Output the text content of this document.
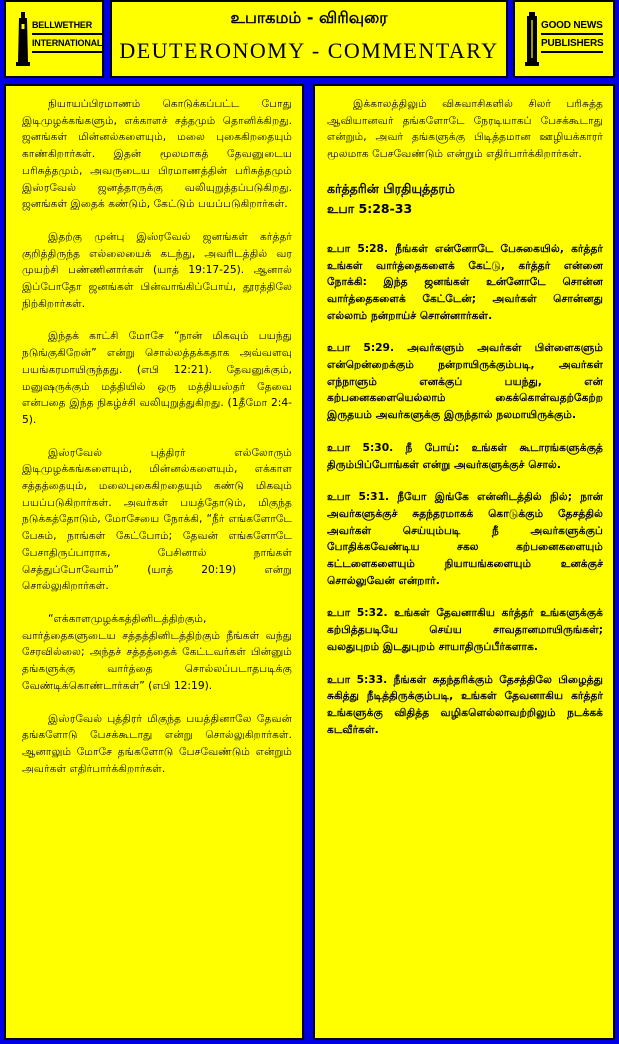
BELLWETHER
INTERNATIONAL
உபாகமம் - விரிவுரை
DEUTERONOMY - COMMENTARY
GOOD NEWS
PUBLISHERS

நியாயப்பிரமாணம் கொடுக்கப்பட்ட போது இடிமுழக்கங்களும், எக்காளச் சத்தமும் தொனிக்கிறது. ஜனங்கள் மின்னல்களையும், மலை புகைகிறதையும் காண்கிறார்கள். இதன் மூலமாகத் தேவனுடைய பரிசுத்தமும், அவருடைய பிரமாணத்தின் பரிசுத்தமும் இஸ்ரவேல் ஜனத்தாருக்கு வலியுறுத்தப்படுகிறது. ஜனங்கள் இதைக் கண்டும், கேட்டும் பயப்படுகிறார்கள்.

இதற்கு முன்பு இஸ்ரவேல் ஜனங்கள் கர்த்தர் குறித்திருந்த எல்லையைக் கடந்து, அவரிடத்தில் வர முயற்சி பண்ணினார்கள் (யாத் 19:17-25). ஆனால் இப்போதோ ஜனங்கள் பின்வாங்கிப்போய், தூரத்திலே நிற்கிறார்கள்.

இந்தக் காட்சி மோசே “நான் மிகவும் பயந்து நடுங்குகிறேன்” என்று சொல்லத்தக்கதாக அவ்வளவு பயங்கரமாயிருந்தது. (எபி 12:21). தேவனுக்கும், மனுஷருக்கும் மத்தியில் ஒரு மத்தியஸ்தர் தேவை என்பதை இந்த நிகழ்ச்சி வலியுறுத்துகிறது. (1தீமோ 2:4-5).

இஸ்ரவேல் புத்திரர் எல்லோரும் இடிமுழக்கங்களையும், மின்னல்களையும், எக்காள சத்தத்தையும், மலைபுகைகிறதையும் கண்டு மிகவும் பயப்படுகிறார்கள். அவர்கள் பயத்தோடும், மிகுந்த நடுக்கத்தோடும், மோசேயை நோக்கி, “நீர் எங்களோடே பேசும், நாங்கள் கேட்போம்; தேவன் எங்களோடே பேசாதிருப்பாராக, பேசினால் நாங்கள் செத்துப்போவோம்” (யாத் 20:19) என்று சொல்லுகிறார்கள்.

“எக்காளமுழக்கத்தினிடத்திற்கும், வார்த்தைகளுடைய சத்தத்தினிடத்திற்கும் நீங்கள் வந்து சேரவில்லை; அந்தச் சத்தத்தைக் கேட்டவர்கள் பின்னும் தங்களுக்கு வார்த்தை சொல்லப்படாதபடிக்கு வேண்டிக்கொண்டார்கள்” (எபி 12:19).

இஸ்ரவேல் புத்திரர் மிகுந்த பயத்தினாலே தேவன் தங்களோடு பேசக்கூடாது என்று சொல்லுகிறார்கள். ஆனாலும் மோசே தங்களோடு பேசவேண்டும் என்றும் அவர்கள் எதிர்பார்க்கிறார்கள்.

இக்காலத்திலும் விசுவாசிகளில் சிலர் பரிசுத்த ஆவியானவர் தங்களோடே நேரடியாகப் பேசக்கூடாது என்றும், அவர் தங்களுக்கு பிடித்தமான ஊழியக்காரர் மூலமாக பேசவேண்டும் என்றும் எதிர்பார்க்கிறார்கள்.

கர்த்தரின் பிரதியுத்தரம்
உபா 5:28-33

உபா 5:28. நீங்கள் என்னோடே பேசுகையில், கர்த்தர் உங்கள் வார்த்தைகளைக் கேட்டு, கர்த்தர் என்னை நோக்கி: இந்த ஜனங்கள் உன்னோடே சொன்ன வார்த்தைகளைக் கேட்டேன்; அவர்கள் சொன்னது எல்லாம் நன்றாய்ச் சொன்னார்கள்.

உபா 5:29. அவர்களும் அவர்கள் பிள்ளைகளும் என்றென்றைக்கும் நன்றாயிருக்கும்படி, அவர்கள் எந்நாளும் எனக்குப் பயந்து, என் கற்பனைகளையெல்லாம் கைக்கொள்வதற்கேற்ற இருதயம் அவர்களுக்கு இருந்தால் நலமாயிருக்கும்.

உபா 5:30. நீ போய்: உங்கள் கூடாரங்களுக்குத் திரும்பிப்போங்கள் என்று அவர்களுக்குச் சொல்.

உபா 5:31. நீயோ இங்கே என்னிடத்தில் நில்; நான் அவர்களுக்குச் சுதந்தரமாகக் கொடுக்கும் தேசத்தில் அவர்கள் செய்யும்படி நீ அவர்களுக்குப் போதிக்கவேண்டிய சகல கற்பனைகளையும் கட்டளைகளையும் நியாயங்களையும் உனக்குச் சொல்லுவேன் என்றார்.

உபா 5:32. உங்கள் தேவனாகிய கர்த்தர் உங்களுக்குக் கற்பித்தபடியே செய்ய சாவதானமாயிருங்கள்; வலதுபுறம் இடதுபுறம் சாயாதிருப்பீர்களாக.

உபா 5:33. நீங்கள் சுதந்தரிக்கும் தேசத்திலே பிழைத்து சுகித்து நீடித்திருக்கும்படி, உங்கள் தேவனாகிய கர்த்தர் உங்களுக்கு விதித்த வழிகளெல்லாவற்றிலும் நடக்கக் கடவீர்கள்.
